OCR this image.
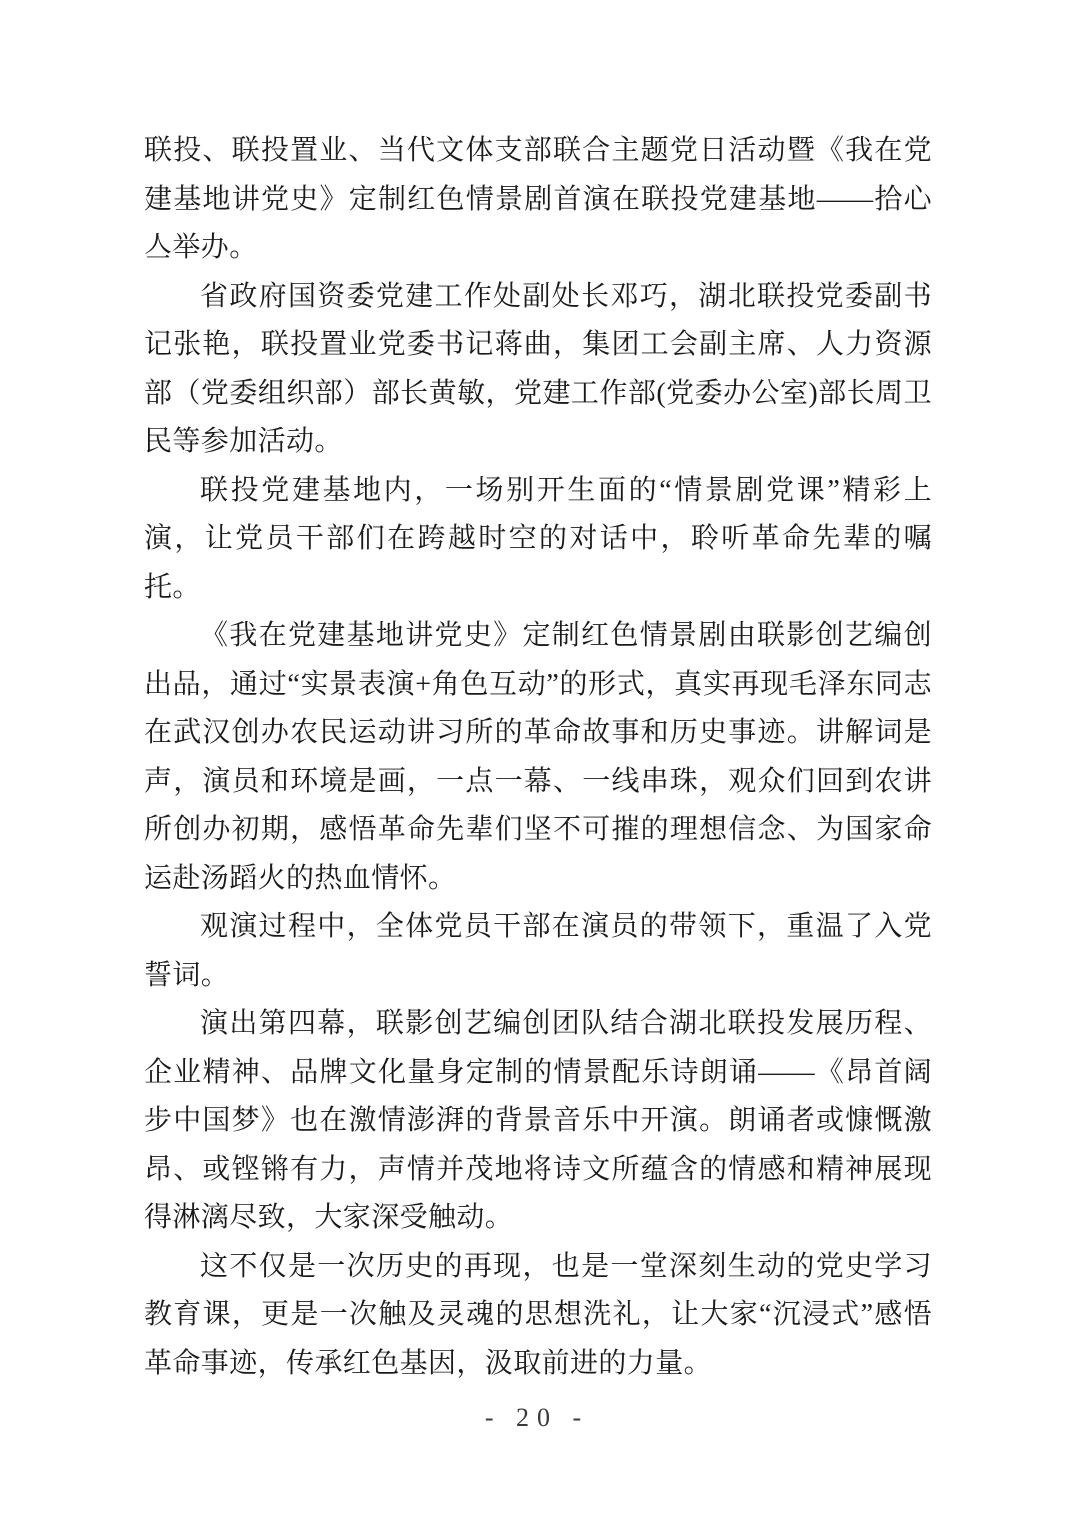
联投、联投置业、当代文体支部联合主题党日活动暨《我在党建基地讲党史》定制红色情景剧首演在联投党建基地——拾心亼举办。

省政府国资委党建工作处副处长邓巧，湖北联投党委副书记张艳，联投置业党委书记蒋曲，集团工会副主席、人力资源部（党委组织部）部长黄敏，党建工作部(党委办公室)部长周卫民等参加活动。

联投党建基地内，一场别开生面的“情景剧党课”精彩上演，让党员干部们在跨越时空的对话中，聆听革命先辈的嘱托。

《我在党建基地讲党史》定制红色情景剧由联影创艺编创出品，通过“实景表演+角色互动”的形式，真实再现毛泽东同志在武汉创办农民运动讲习所的革命故事和历史事迹。讲解词是声，演员和环境是画，一点一幕、一线串珠，观众们回到农讲所创办初期，感悟革命先辈们坚不可摧的理想信念、为国家命运赴汤蹈火的热血情怀。

观演过程中，全体党员干部在演员的带领下，重温了入党誓词。

演出第四幕，联影创艺编创团队结合湖北联投发展历程、企业精神、品牌文化量身定制的情景配乐诗朗诵——《昂首阔步中国梦》也在激情澎湃的背景音乐中开演。朗诵者或慷慨激昂、或铿锵有力，声情并茂地将诗文所蕴含的情感和精神展现得淋漓尽致，大家深受触动。

这不仅是一次历史的再现，也是一堂深刻生动的党史学习教育课，更是一次触及灵魂的思想洗礼，让大家“沉浸式”感悟革命事迹，传承红色基因，汲取前进的力量。

- 20 -
